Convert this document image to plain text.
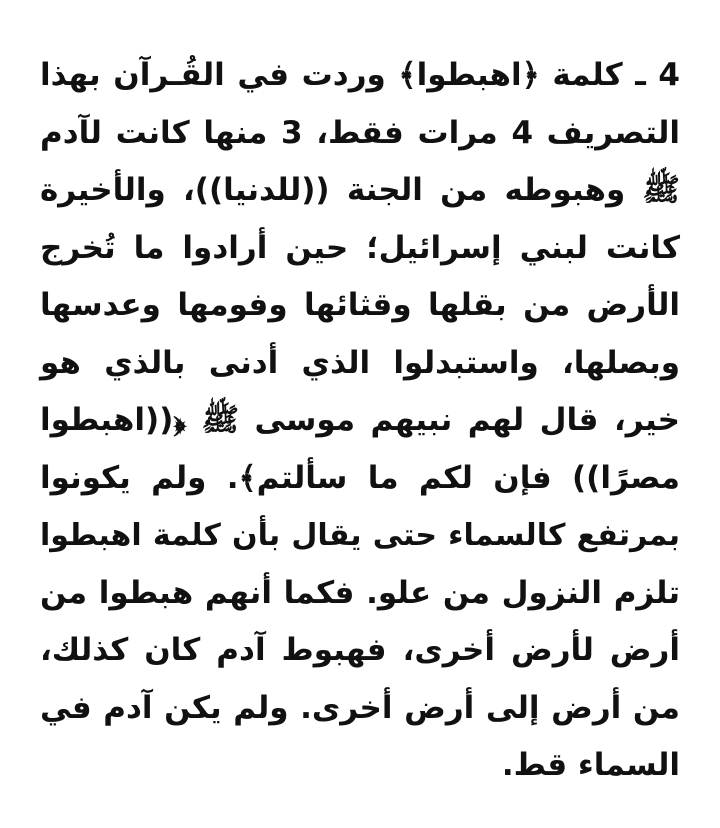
4 ـ كلمة ﴿اهبطوا﴾ وردت في القُـرآن بهذا
التصريف 4 مرات فقط، 3 منها كانت لآدم
ﷺ وهبوطه من الجنة ((للدنيا))، والأخيرة
كانت لبني إسرائيل؛ حين أرادوا ما تُخرج
الأرض من بقلها وقثائها وفومها وعدسها
وبصلها، واستبدلوا الذي أدنى بالذي هو
خير، قال لهم نبيهم موسى ﷺ ﴿((اهبطوا
مصرًا)) فإن لكم ما سألتم﴾. ولم يكونوا
بمرتفع كالسماء حتى يقال بأن كلمة اهبطوا
تلزم النزول من علو. فكما أنهم هبطوا من
أرض لأرض أخرى، فهبوط آدم كان كذلك،
من أرض إلى أرض أخرى. ولم يكن آدم في
السماء قط.
